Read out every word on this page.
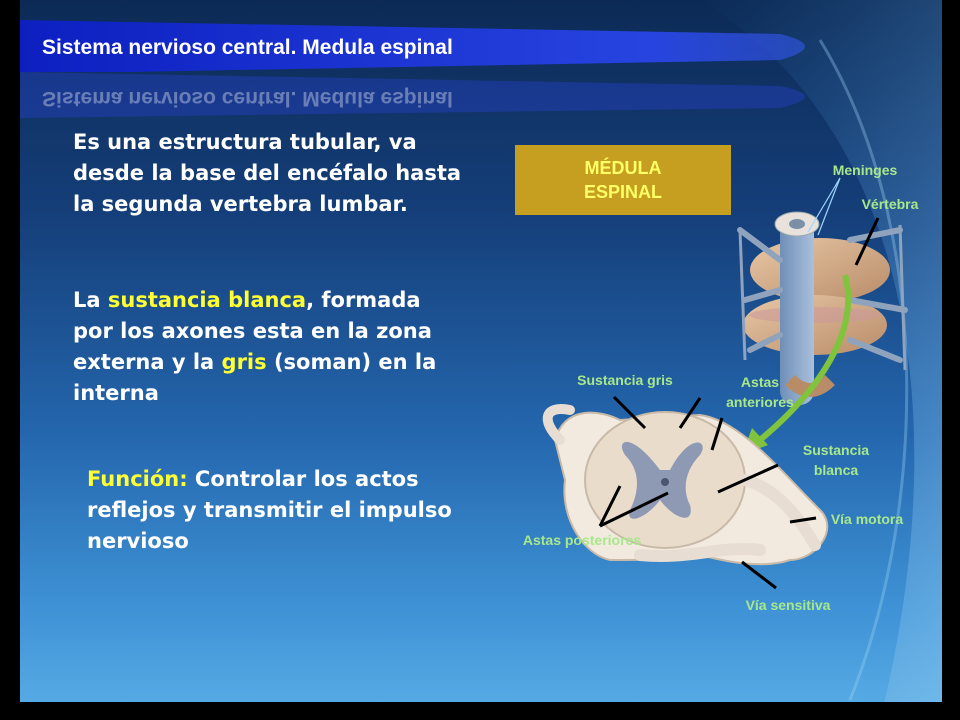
Sistema nervioso central. Medula espinal
Sistema nervioso central. Medula espinal
Es una estructura tubular, va desde la base del encéfalo hasta la segunda vertebra lumbar.
La sustancia blanca, formada por los axones esta en la zona externa y la gris (soman) en la interna
Función: Controlar los actos reflejos y transmitir el impulso nervioso
MÉDULA ESPINAL
Meninges
Vértebra
Sustancia gris	Astas anteriores
Sustancia blanca
Vía motora
Astas posteriores
Vía sensitiva
